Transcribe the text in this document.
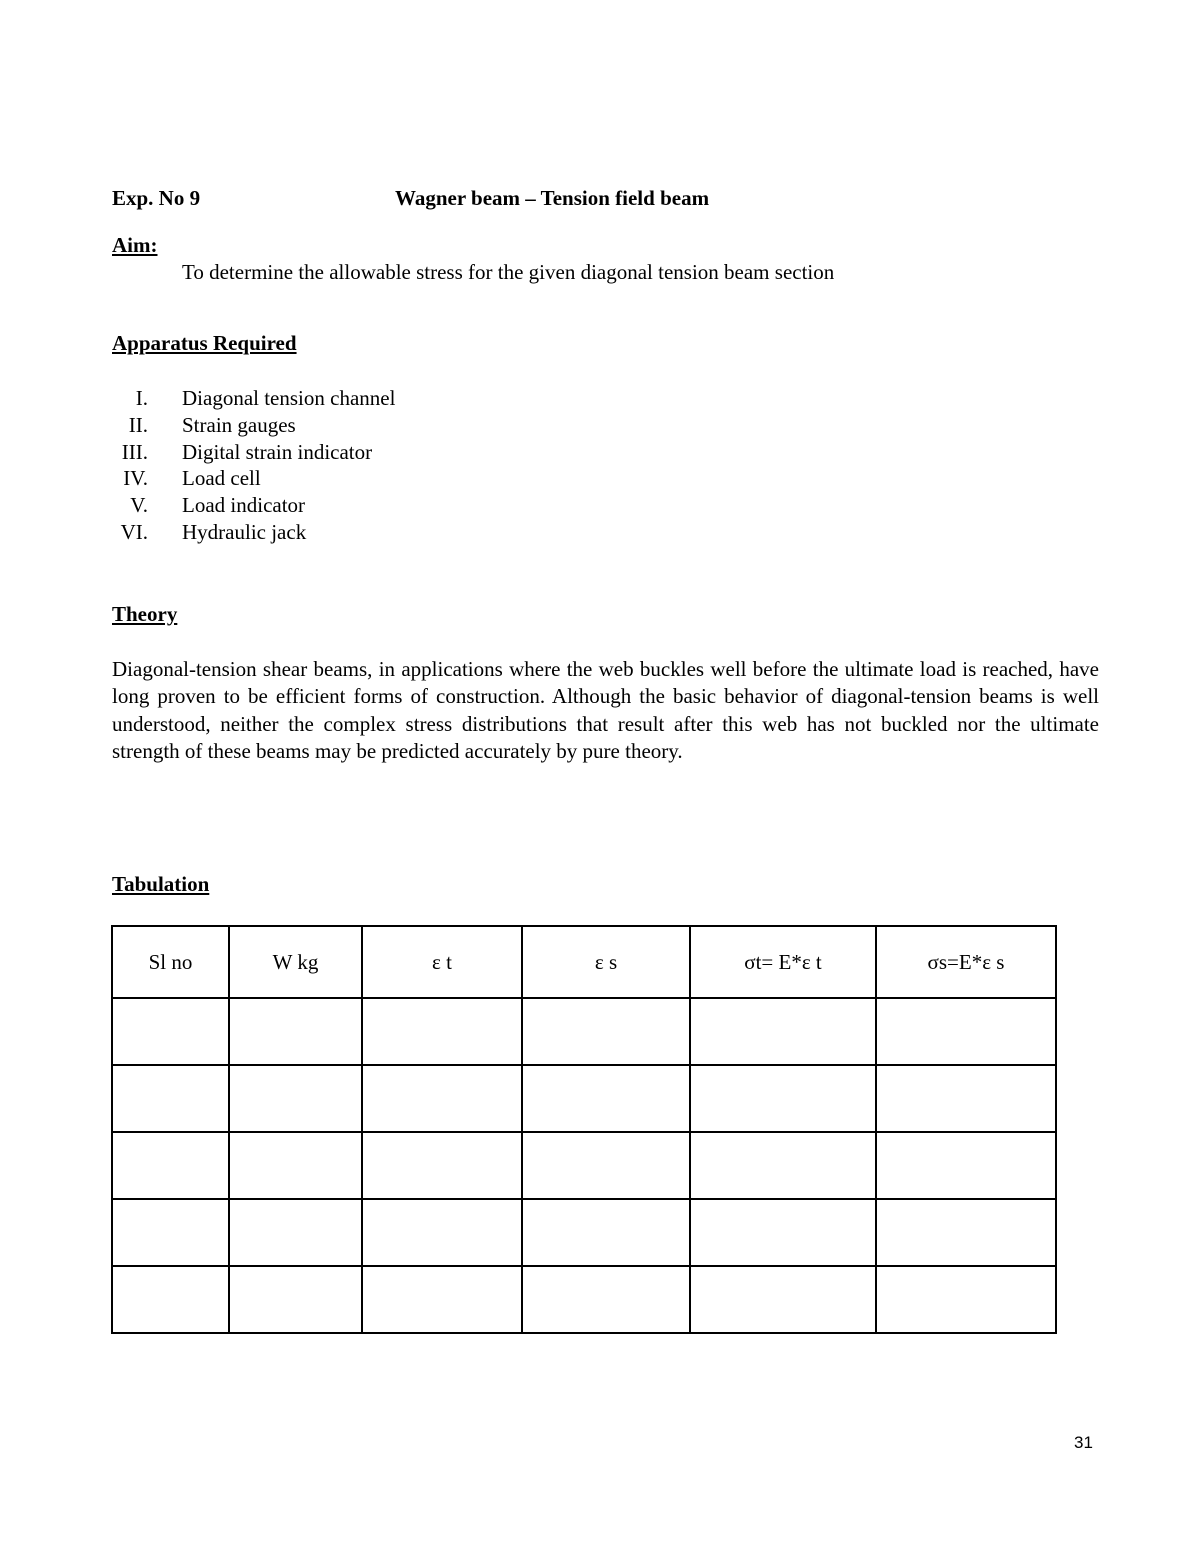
Exp. No 9	Wagner beam – Tension field beam
Aim:
To determine the allowable stress for the given diagonal tension beam section
Apparatus Required
I. Diagonal tension channel
II. Strain gauges
III. Digital strain indicator
IV. Load cell
V. Load indicator
VI. Hydraulic jack
Theory
Diagonal-tension shear beams, in applications where the web buckles well before the ultimate load is reached, have long proven to be efficient forms of construction. Although the basic behavior of diagonal-tension beams is well understood, neither the complex stress distributions that result after this web has not buckled nor the ultimate strength of these beams may be predicted accurately by pure theory.
Tabulation
Sl no	W kg	ε t	ε s	σt= E*ε t	σs=E*ε s

31
